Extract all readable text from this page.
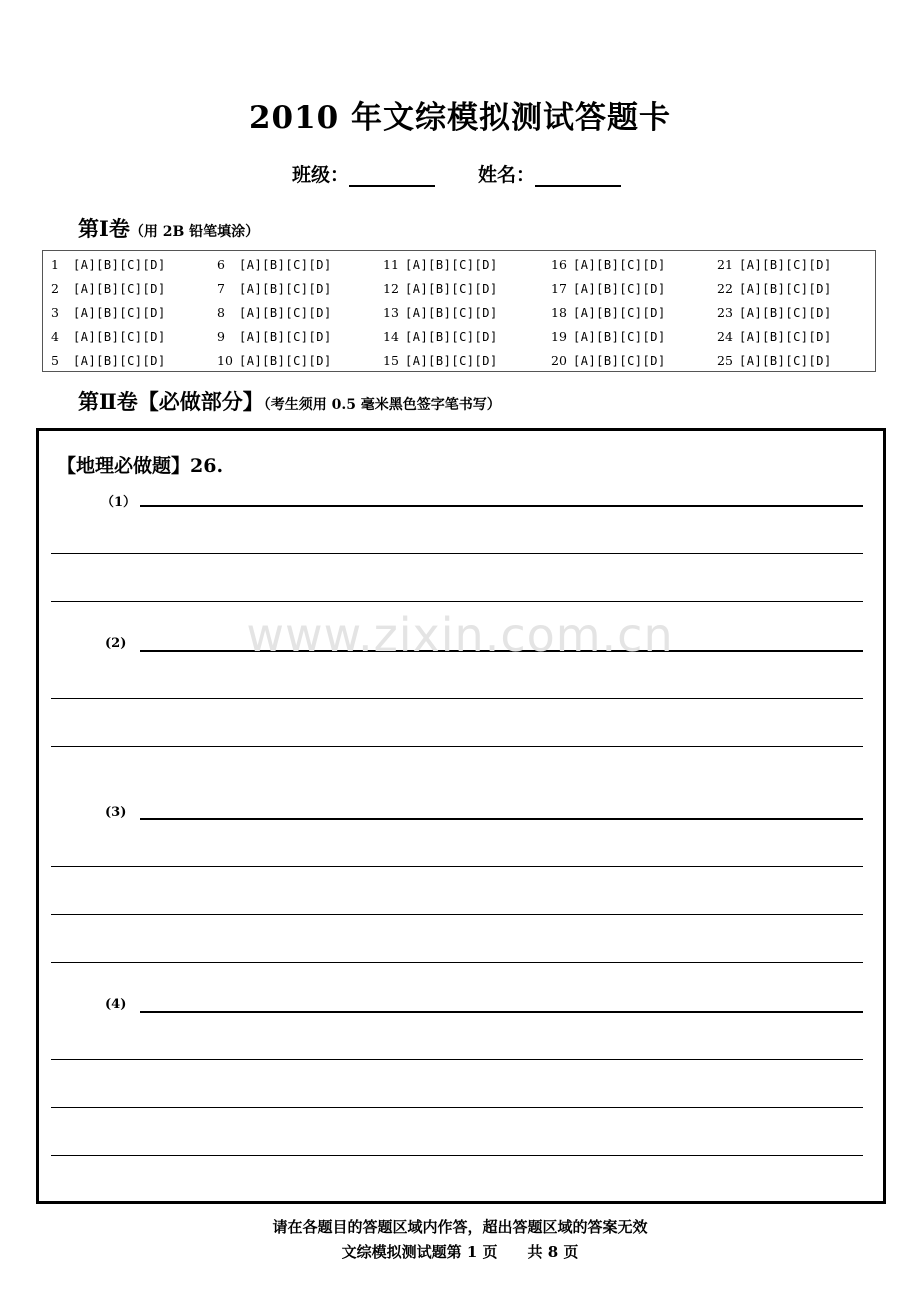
2010 年文综模拟测试答题卡
班级：	姓名：
第Ⅰ卷（用 2B 铅笔填涂）
1 [A][B][C][D]	6 [A][B][C][D]	11 [A][B][C][D]	16 [A][B][C][D]	21 [A][B][C][D]
2 [A][B][C][D]	7 [A][B][C][D]	12 [A][B][C][D]	17 [A][B][C][D]	22 [A][B][C][D]
3 [A][B][C][D]	8 [A][B][C][D]	13 [A][B][C][D]	18 [A][B][C][D]	23 [A][B][C][D]
4 [A][B][C][D]	9 [A][B][C][D]	14 [A][B][C][D]	19 [A][B][C][D]	24 [A][B][C][D]
5 [A][B][C][D]	10 [A][B][C][D]	15 [A][B][C][D]	20 [A][B][C][D]	25 [A][B][C][D]
第Ⅱ卷【必做部分】（考生须用 0.5 毫米黑色签字笔书写）
【地理必做题】26.
（1）
(2)
(3)
(4)
www.zixin.com.cn
请在各题目的答题区域内作答，超出答题区域的答案无效
文综模拟测试题第 1 页　　共 8 页
